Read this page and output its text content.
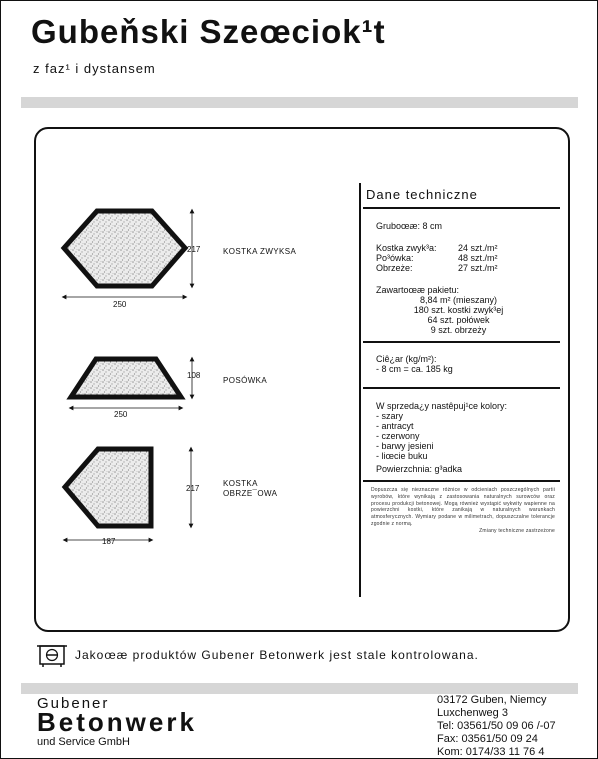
Gubeňski Szeœciok¹t
z faz¹ i dystansem
217
250
KOSTKA ZWYKSA
108
250
POSÓWKA
217
187
KOSTKA
OBRZE¯OWA
Dane techniczne
Gruboœæ: 8 cm
Kostka zwyk³a:	24 szt./m²
Po³ówka:	48 szt./m²
Obrzeże:	27 szt./m²
Zawartoœæ pakietu:
8,84 m² (mieszany)
180 szt. kostki zwyk³ej
64 szt. połówek
9 szt. obrzeży
Ciê¿ar (kg/m²):
- 8 cm = ca. 185 kg
W sprzeda¿y nastêpuj¹ce kolory:
- szary
- antracyt
- czerwony
- barwy jesieni
- liœcie buku
Powierzchnia: g³adka
Dopuszcza się nieznaczne różnice w odcieniach poszczególnych partii wyrobów, które wynikają z zastosowania naturalnych surowców oraz procesu produkcji betonowej. Mogą również wystąpić wykwity wapienne na powierzchni kostki, które zanikają w naturalnych warunkach atmosferycznych. Wymiary podane w milimetrach, dopuszczalne tolerancje zgodnie z normą.
Zmiany techniczne zastrzeżone
Jakoœæ produktów Gubener Betonwerk jest stale kontrolowana.
Gubener
Betonwerk
und Service GmbH
03172 Guben, Niemcy
Luxchenweg 3
Tel: 03561/50 09 06 /-07
Fax: 03561/50 09 24
Kom: 0174/33 11 76 4
